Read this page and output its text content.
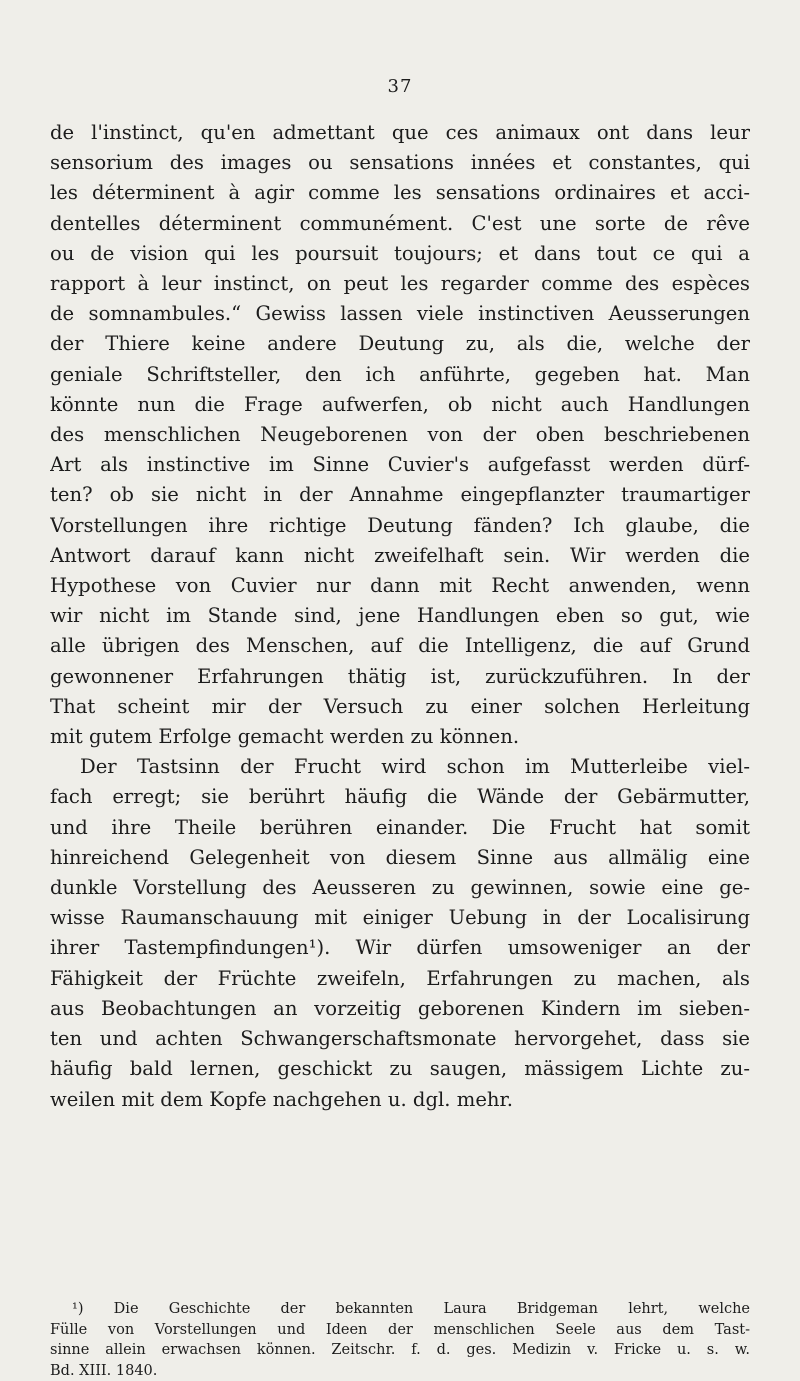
37
de l'instinct, qu'en admettant que ces animaux ont dans leur
sensorium des images ou sensations innées et constantes, qui
les déterminent à agir comme les sensations ordinaires et acci-
dentelles déterminent communément. C'est une sorte de rêve
ou de vision qui les poursuit toujours; et dans tout ce qui a
rapport à leur instinct, on peut les regarder comme des espèces
de somnambules.“ Gewiss lassen viele instinctiven Aeusserungen
der Thiere keine andere Deutung zu, als die, welche der
geniale Schriftsteller, den ich anführte, gegeben hat. Man
könnte nun die Frage aufwerfen, ob nicht auch Handlungen
des menschlichen Neugeborenen von der oben beschriebenen
Art als instinctive im Sinne Cuvier's aufgefasst werden dürf-
ten? ob sie nicht in der Annahme eingepflanzter traumartiger
Vorstellungen ihre richtige Deutung fänden? Ich glaube, die
Antwort darauf kann nicht zweifelhaft sein. Wir werden die
Hypothese von Cuvier nur dann mit Recht anwenden, wenn
wir nicht im Stande sind, jene Handlungen eben so gut, wie
alle übrigen des Menschen, auf die Intelligenz, die auf Grund
gewonnener Erfahrungen thätig ist, zurückzuführen. In der
That scheint mir der Versuch zu einer solchen Herleitung
mit gutem Erfolge gemacht werden zu können.
Der Tastsinn der Frucht wird schon im Mutterleibe viel-
fach erregt; sie berührt häufig die Wände der Gebärmutter,
und ihre Theile berühren einander. Die Frucht hat somit
hinreichend Gelegenheit von diesem Sinne aus allmälig eine
dunkle Vorstellung des Aeusseren zu gewinnen, sowie eine ge-
wisse Raumanschauung mit einiger Uebung in der Localisirung
ihrer Tastempfindungen¹). Wir dürfen umsoweniger an der
Fähigkeit der Früchte zweifeln, Erfahrungen zu machen, als
aus Beobachtungen an vorzeitig geborenen Kindern im sieben-
ten und achten Schwangerschaftsmonate hervorgehet, dass sie
häufig bald lernen, geschickt zu saugen, mässigem Lichte zu-
weilen mit dem Kopfe nachgehen u. dgl. mehr.
¹) Die Geschichte der bekannten Laura Bridgeman lehrt, welche
Fülle von Vorstellungen und Ideen der menschlichen Seele aus dem Tast-
sinne allein erwachsen können. Zeitschr. f. d. ges. Medizin v. Fricke u. s. w.
Bd. XIII. 1840.
